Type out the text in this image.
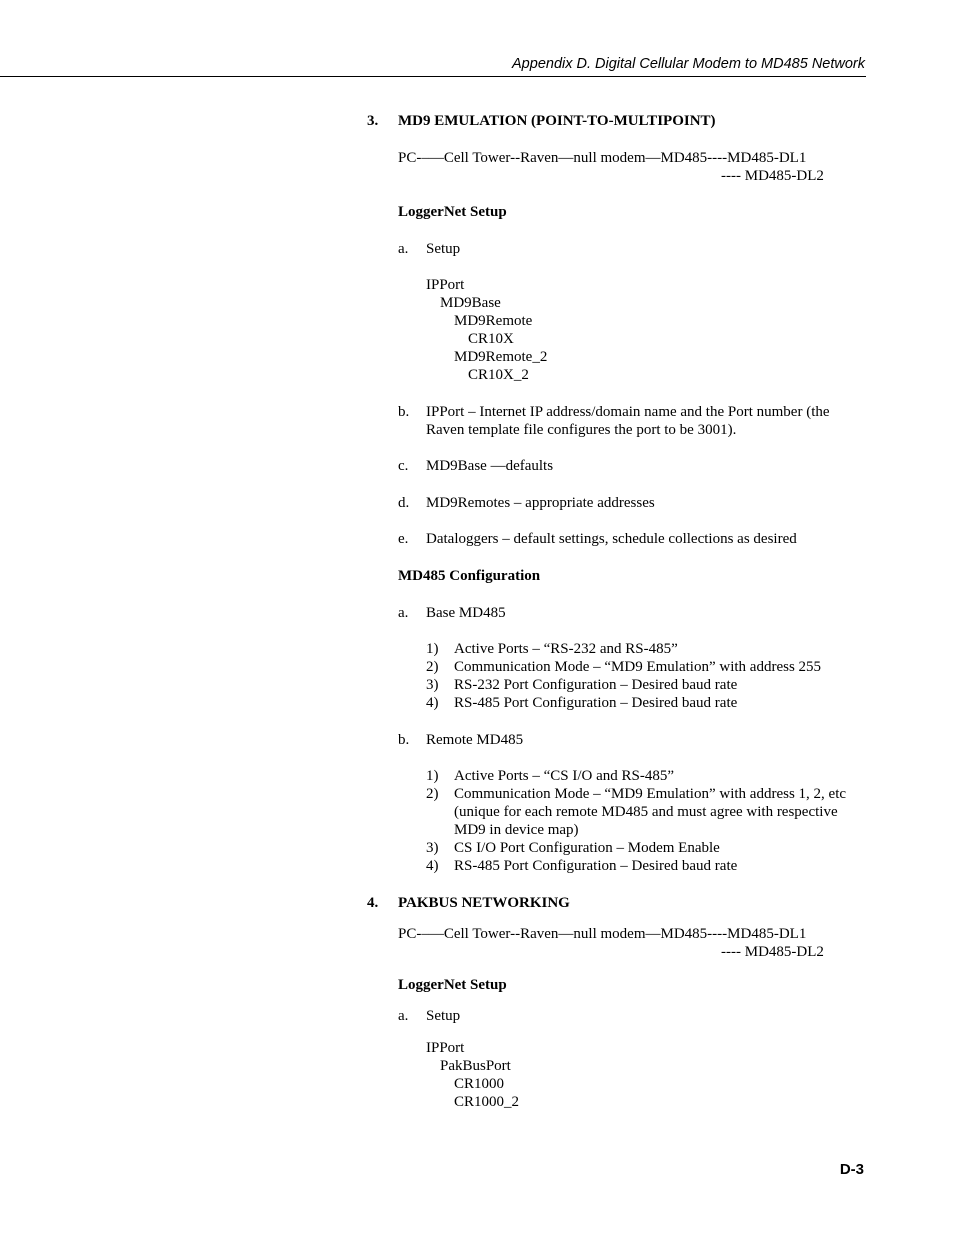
Appendix D. Digital Cellular Modem to MD485 Network
3. MD9 EMULATION (POINT-TO-MULTIPOINT)
PC-–—Cell Tower--Raven—null modem—MD485----MD485-DL1
---- MD485-DL2
LoggerNet Setup
a. Setup
IPPort
MD9Base
MD9Remote
CR10X
MD9Remote_2
CR10X_2
b. IPPort – Internet IP address/domain name and the Port number (the
Raven template file configures the port to be 3001).
c. MD9Base —defaults
d. MD9Remotes – appropriate addresses
e. Dataloggers – default settings, schedule collections as desired
MD485 Configuration
a. Base MD485
1) Active Ports – “RS-232 and RS-485”
2) Communication Mode – “MD9 Emulation” with address 255
3) RS-232 Port Configuration – Desired baud rate
4) RS-485 Port Configuration – Desired baud rate
b. Remote MD485
1) Active Ports – “CS I/O and RS-485”
2) Communication Mode – “MD9 Emulation” with address 1, 2, etc
(unique for each remote MD485 and must agree with respective
MD9 in device map)
3) CS I/O Port Configuration – Modem Enable
4) RS-485 Port Configuration – Desired baud rate
4. PAKBUS NETWORKING
PC-–—Cell Tower--Raven—null modem—MD485----MD485-DL1
---- MD485-DL2
LoggerNet Setup
a. Setup
IPPort
PakBusPort
CR1000
CR1000_2
D-3
